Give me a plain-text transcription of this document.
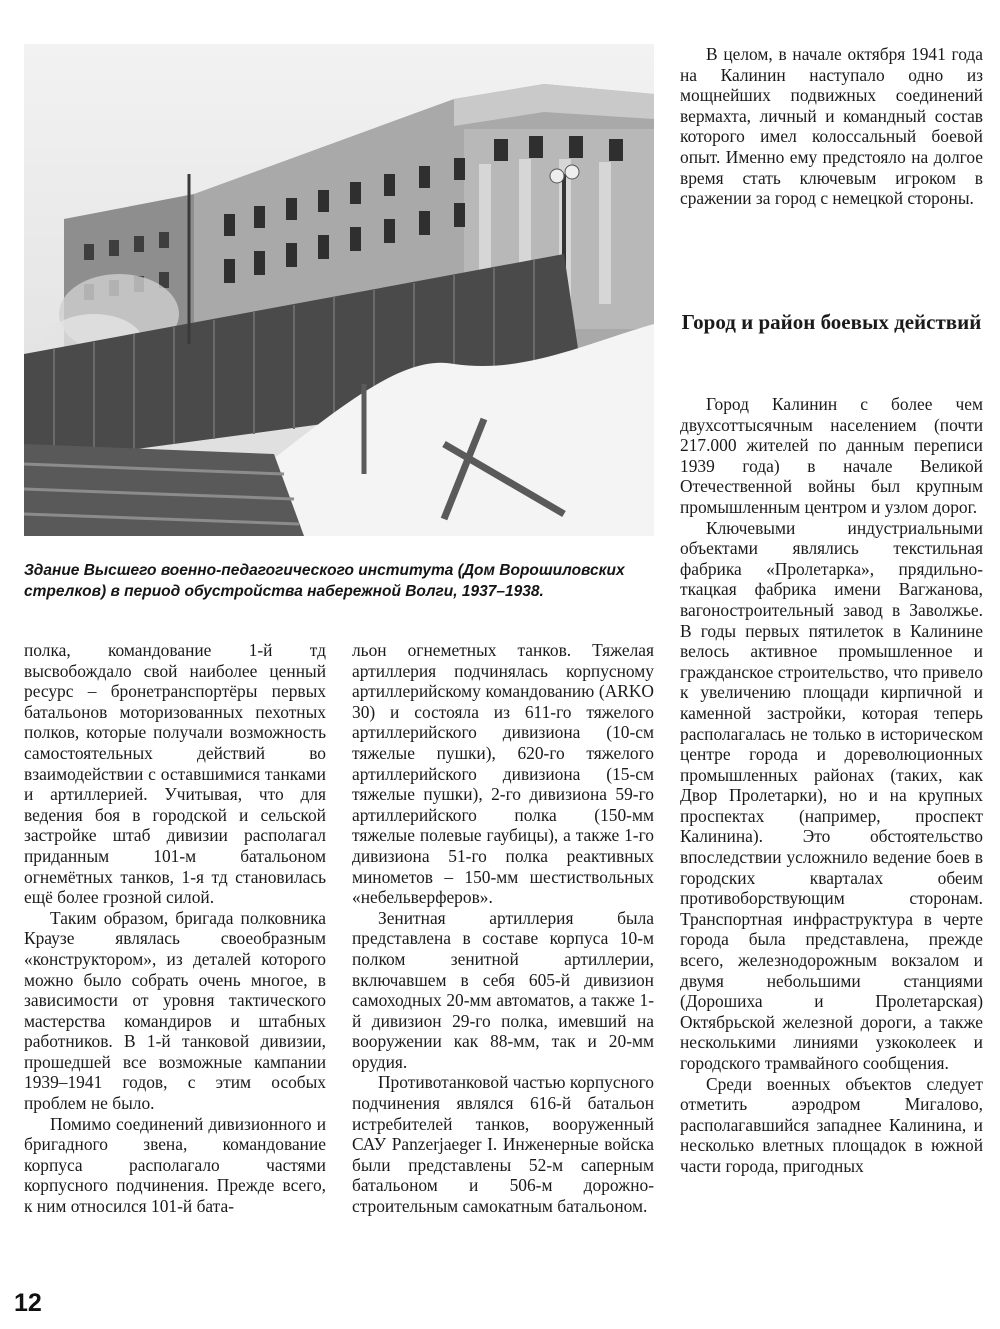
Здание Высшего военно-педагогического института (Дом Ворошиловских стрелков) в период обустройства набережной Волги, 1937–1938.

полка, командование 1-й тд высвобождало свой наиболее ценный ресурс – бронетранспортёры первых батальонов моторизованных пехотных полков, которые получали возможность самостоятельных действий во взаимодействии с оставшимися танками и артиллерией. Учитывая, что для ведения боя в городской и сельской застройке штаб дивизии располагал приданным 101-м батальоном огнемётных танков, 1-я тд становилась ещё более грозной силой.

Таким образом, бригада полковника Краузе являлась своеобразным «конструктором», из деталей которого можно было собрать очень многое, в зависимости от уровня тактического мастерства командиров и штабных работников. В 1-й танковой дивизии, прошедшей все возможные кампании 1939–1941 годов, с этим особых проблем не было.

Помимо соединений дивизионного и бригадного звена, командование корпуса располагало частями корпусного подчинения. Прежде всего, к ним относился 101-й бата-

льон огнеметных танков. Тяжелая артиллерия подчинялась корпусному артиллерийскому командованию (ARKO 30) и состояла из 611-го тяжелого артиллерийского дивизиона (10-см тяжелые пушки), 620-го тяжелого артиллерийского дивизиона (15-см тяжелые пушки), 2-го дивизиона 59-го артиллерийского полка (150-мм тяжелые полевые гаубицы), а также 1-го дивизиона 51-го полка реактивных минометов – 150-мм шестиствольных «небельверферов».

Зенитная артиллерия была представлена в составе корпуса 10-м полком зенитной артиллерии, включавшем в себя 605-й дивизион самоходных 20-мм автоматов, а также 1-й дивизион 29-го полка, имевший на вооружении как 88-мм, так и 20-мм орудия.

Противотанковой частью корпусного подчинения являлся 616-й батальон истребителей танков, вооруженный САУ Panzerjaeger I. Инженерные войска были представлены 52-м саперным батальоном и 506-м дорожно-строительным самокатным батальоном.

В целом, в начале октября 1941 года на Калинин наступало одно из мощнейших подвижных соединений вермахта, личный и командный состав которого имел колоссальный боевой опыт. Именно ему предстояло на долгое время стать ключевым игроком в сражении за город с немецкой стороны.

Город и район боевых действий

Город Калинин с более чем двухсоттысячным населением (почти 217.000 жителей по данным переписи 1939 года) в начале Великой Отечественной войны был крупным промышленным центром и узлом дорог.

Ключевыми индустриальными объектами являлись текстильная фабрика «Пролетарка», прядильно-ткацкая фабрика имени Вагжанова, вагоностроительный завод в Заволжье. В годы первых пятилеток в Калинине велось активное промышленное и гражданское строительство, что привело к увеличению площади кирпичной и каменной застройки, которая теперь располагалась не только в историческом центре города и дореволюционных промышленных районах (таких, как Двор Пролетарки), но и на крупных проспектах (например, проспект Калинина). Это обстоятельство впоследствии усложнило ведение боев в городских кварталах обеим противоборствующим сторонам. Транспортная инфраструктура в черте города была представлена, прежде всего, железнодорожным вокзалом и двумя небольшими станциями (Дорошиха и Пролетарская) Октябрьской железной дороги, а также несколькими линиями узкоколеек и городского трамвайного сообщения.

Среди военных объектов следует отметить аэродром Мигалово, располагавшийся западнее Калинина, и несколько влетных площадок в южной части города, пригодных

12
